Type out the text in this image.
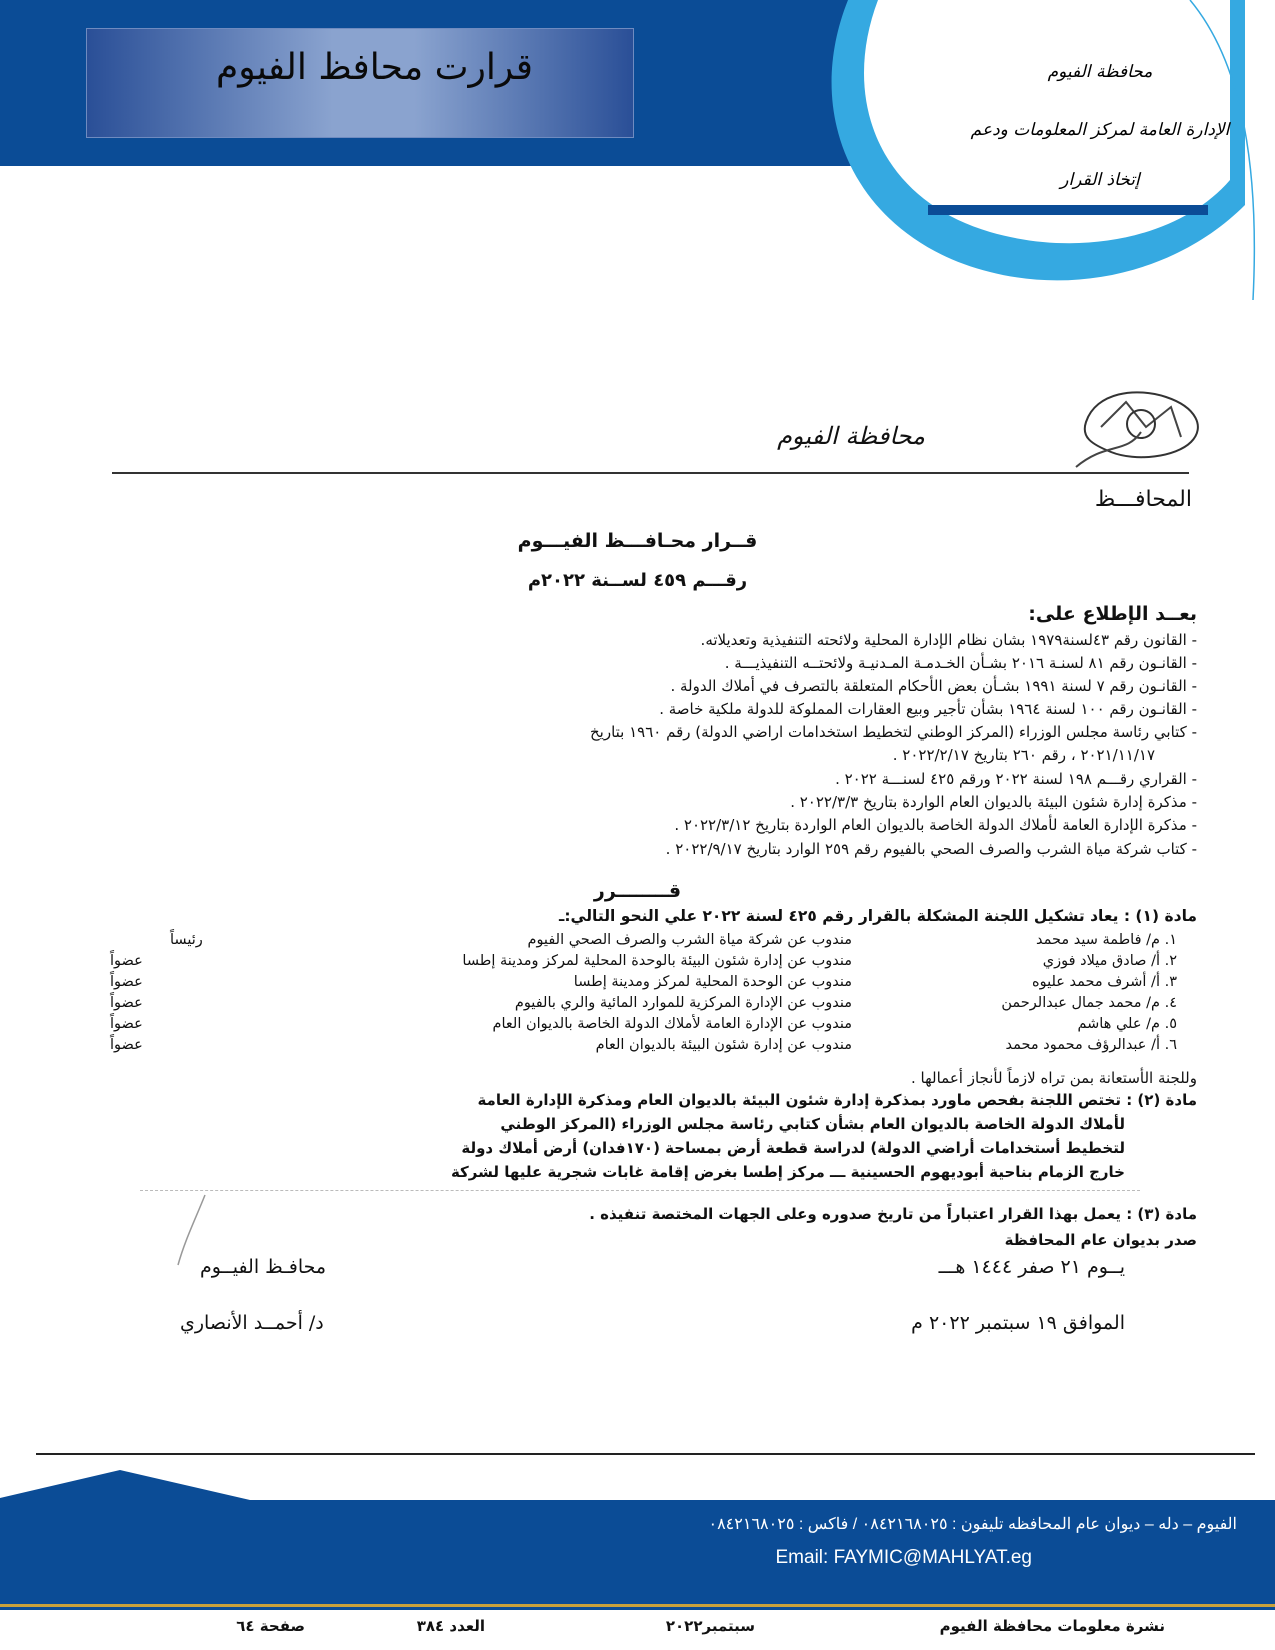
قرارت محافظ الفيوم	محافظة الفيوم
الإدارة العامة لمركز المعلومات ودعم
إتخاذ القرار
محافظة الفيوم
المحافـــظ
قــرار محـافـــظ الفيـــوم
رقـــم ٤٥٩ لســنة ٢٠٢٢م
بعــد الإطلاع على:
- القانون رقم ٤٣لسنة١٩٧٩ بشان نظام الإدارة المحلية ولائحته التنفيذية وتعديلاته.
- القانـون رقم ٨١ لسنـة ٢٠١٦ بشـأن الخـدمـة المـدنيـة ولائحتــه التنفيذيـــة .
- القانـون رقم ٧ لسنة ١٩٩١ بشـأن بعض الأحكام المتعلقة بالتصرف في أملاك الدولة .
- القانـون رقم ١٠٠ لسنة ١٩٦٤ بشأن تأجير وبيع العقارات المملوكة للدولة ملكية خاصة .
- كتابي رئاسة مجلس الوزراء (المركز الوطني لتخطيط استخدامات اراضي الدولة) رقم ١٩٦٠ بتاريخ
٢٠٢١/١١/١٧ ، رقم ٢٦٠ بتاريخ ٢٠٢٢/٢/١٧ .
- القراري رقـــم ١٩٨ لسنة ٢٠٢٢ ورقم ٤٢٥ لسنـــة ٢٠٢٢ .
- مذكرة إدارة شئون البيئة بالديوان العام الواردة بتاريخ ٢٠٢٢/٣/٣ .
- مذكرة الإدارة العامة لأملاك الدولة الخاصة بالديوان العام الواردة بتاريخ ٢٠٢٢/٣/١٢ .
- كتاب شركة مياة الشرب والصرف الصحي بالفيوم رقم ٢٥٩ الوارد بتاريخ ٢٠٢٢/٩/١٧ .
قــــــــرر
مادة (١) : يعاد تشكيل اللجنة المشكلة بالقرار رقم ٤٢٥ لسنة ٢٠٢٢ علي النحو التالي:ـ
١. م/ فاطمة سيد محمد
مندوب عن شركة مياة الشرب والصرف الصحي الفيوم
رئيساً
٢. أ/ صادق ميلاد فوزي
مندوب عن إدارة شئون البيئة بالوحدة المحلية لمركز ومدينة إطسا
عضواً
٣. أ/ أشرف محمد عليوه
مندوب عن الوحدة المحلية لمركز ومدينة إطسا
عضواً
٤. م/ محمد جمال عبدالرحمن
مندوب عن الإدارة المركزية للموارد المائية والري بالفيوم
عضواً
٥. م/ علي هاشم
مندوب عن الإدارة العامة لأملاك الدولة الخاصة بالديوان العام
عضواً
٦. أ/ عبدالرؤف محمود محمد
مندوب عن إدارة شئون البيئة بالديوان العام
عضواً
وللجنة الأستعانة بمن تراه لازماً لأنجاز أعمالها .
مادة (٢) : تختص اللجنة بفحص ماورد بمذكرة إدارة شئون البيئة بالديوان العام ومذكرة الإدارة العامة
لأملاك الدولة الخاصة بالديوان العام بشأن كتابي رئاسة مجلس الوزراء (المركز الوطني
لتخطيط أستخدامات أراضي الدولة) لدراسة قطعة أرض بمساحة (١٧٠فدان) أرض أملاك دولة
خارج الزمام بناحية أبوديهوم الحسينية ـــ مركز إطسا بغرض إقامة غابات شجرية عليها لشركة
مادة (٣) : يعمل بهذا القرار اعتباراً من تاريخ صدوره وعلى الجهات المختصة تنفيذه .
صدر بديوان عام المحافظة
يــوم ٢١ صفر ١٤٤٤ هـــ
الموافق ١٩ سبتمبر ٢٠٢٢ م
محافـظ الفيــوم
د/ أحمــد الأنصاري
الفيوم – دله – ديوان عام المحافظه تليفون : ٠٨٤٢١٦٨٠٢٥ / فاكس : ٠٨٤٢١٦٨٠٢٥
Email: FAYMIC@MAHLYAT.eg
نشرة معلومات محافظة الفيوم
سبتمبر٢٠٢٢
العدد ٣٨٤
صفحة ٦٤
